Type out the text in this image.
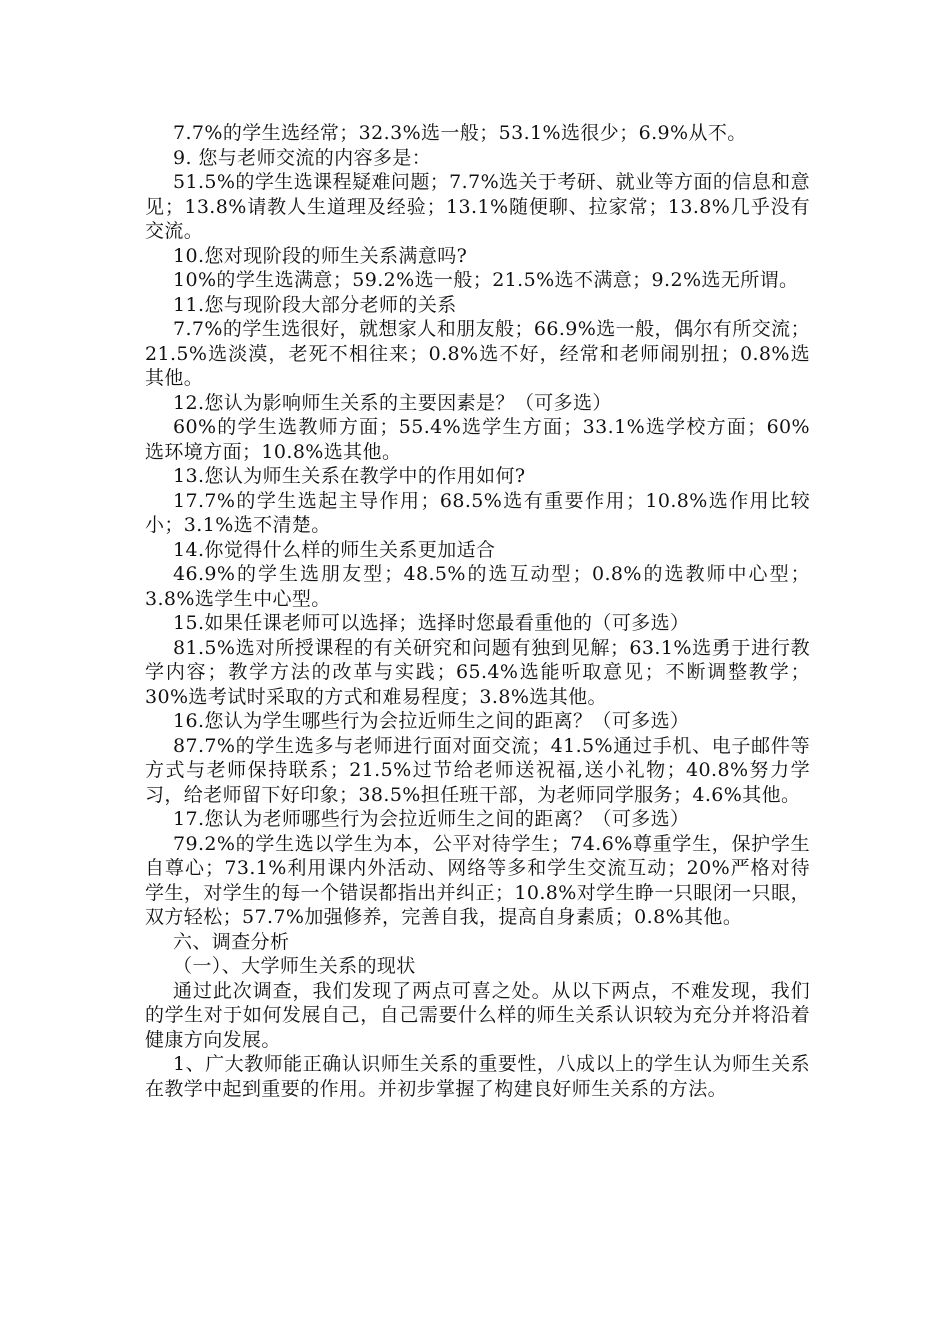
7.7%的学生选经常；32.3%选一般；53.1%选很少；6.9%从不。

9. 您与老师交流的内容多是：

51.5%的学生选课程疑难问题；7.7%选关于考研、就业等方面的信息和意见；13.8%请教人生道理及经验；13.1%随便聊、拉家常；13.8%几乎没有交流。

10.您对现阶段的师生关系满意吗?

10%的学生选满意；59.2%选一般；21.5%选不满意；9.2%选无所谓。

11.您与现阶段大部分老师的关系

7.7%的学生选很好，就想家人和朋友般；66.9%选一般，偶尔有所交流；21.5%选淡漠，老死不相往来；0.8%选不好，经常和老师闹别扭；0.8%选其他。

12.您认为影响师生关系的主要因素是？（可多选）

60%的学生选教师方面；55.4%选学生方面；33.1%选学校方面；60%选环境方面；10.8%选其他。

13.您认为师生关系在教学中的作用如何?

17.7%的学生选起主导作用；68.5%选有重要作用；10.8%选作用比较小；3.1%选不清楚。

14.你觉得什么样的师生关系更加适合

46.9%的学生选朋友型；48.5%的选互动型；0.8%的选教师中心型；3.8%选学生中心型。

15.如果任课老师可以选择；选择时您最看重他的（可多选）

81.5%选对所授课程的有关研究和问题有独到见解；63.1%选勇于进行教学内容；教学方法的改革与实践；65.4%选能听取意见；不断调整教学；30%选考试时采取的方式和难易程度；3.8%选其他。

16.您认为学生哪些行为会拉近师生之间的距离？（可多选）

87.7%的学生选多与老师进行面对面交流；41.5%通过手机、电子邮件等方式与老师保持联系；21.5%过节给老师送祝福,送小礼物；40.8%努力学习，给老师留下好印象；38.5%担任班干部，为老师同学服务；4.6%其他。

17.您认为老师哪些行为会拉近师生之间的距离？（可多选）

79.2%的学生选以学生为本，公平对待学生；74.6%尊重学生，保护学生自尊心；73.1%利用课内外活动、网络等多和学生交流互动；20%严格对待学生，对学生的每一个错误都指出并纠正；10.8%对学生睁一只眼闭一只眼，双方轻松；57.7%加强修养，完善自我，提高自身素质；0.8%其他。

六、调查分析

（一）、大学师生关系的现状

通过此次调查，我们发现了两点可喜之处。从以下两点，不难发现，我们的学生对于如何发展自己，自己需要什么样的师生关系认识较为充分并将沿着健康方向发展。

1、广大教师能正确认识师生关系的重要性，八成以上的学生认为师生关系在教学中起到重要的作用。并初步掌握了构建良好师生关系的方法。
